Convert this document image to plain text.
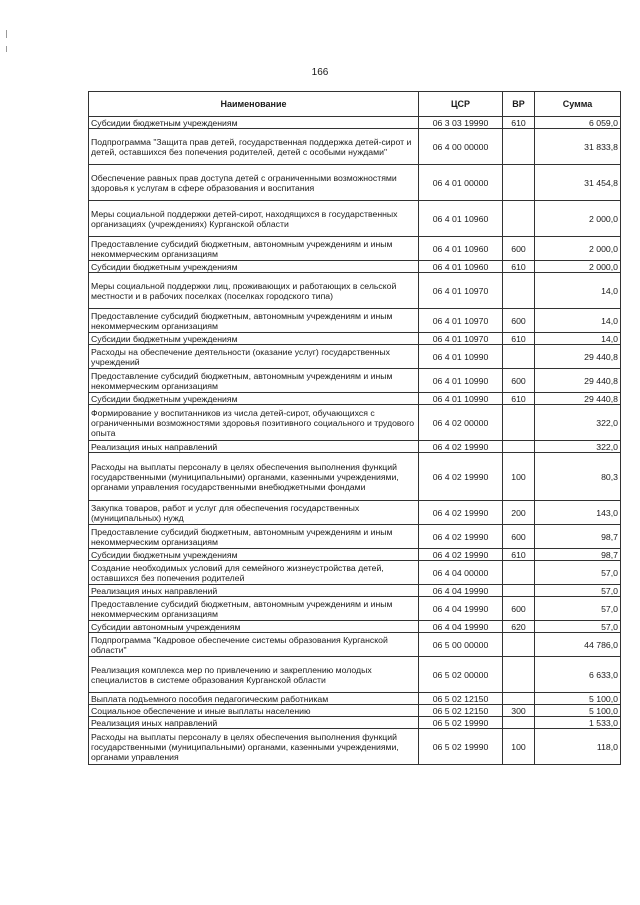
166
Наименование	ЦСР	ВР	Сумма
Субсидии бюджетным учреждениям	06 3 03 19990	610	6 059,0
Подпрограмма "Защита прав детей, государственная поддержка детей-сирот и детей, оставшихся без попечения родителей, детей с особыми нуждами"	06 4 00 00000		31 833,8
Обеспечение равных прав доступа детей с ограниченными возможностями здоровья к услугам в сфере образования и воспитания	06 4 01 00000		31 454,8
Меры социальной поддержки детей-сирот, находящихся в государственных организациях (учреждениях) Курганской области	06 4 01 10960		2 000,0
Предоставление субсидий бюджетным, автономным учреждениям и иным некоммерческим организациям	06 4 01 10960	600	2 000,0
Субсидии бюджетным учреждениям	06 4 01 10960	610	2 000,0
Меры социальной поддержки лиц, проживающих и работающих в сельской местности и в рабочих поселках (поселках городского типа)	06 4 01 10970		14,0
Предоставление субсидий бюджетным, автономным учреждениям и иным некоммерческим организациям	06 4 01 10970	600	14,0
Субсидии бюджетным учреждениям	06 4 01 10970	610	14,0
Расходы на обеспечение деятельности (оказание услуг) государственных учреждений	06 4 01 10990		29 440,8
Предоставление субсидий бюджетным, автономным учреждениям и иным некоммерческим организациям	06 4 01 10990	600	29 440,8
Субсидии бюджетным учреждениям	06 4 01 10990	610	29 440,8
Формирование у воспитанников из числа детей-сирот, обучающихся с ограниченными возможностями здоровья позитивного социального и трудового опыта	06 4 02 00000		322,0
Реализация иных направлений	06 4 02 19990		322,0
Расходы на выплаты персоналу в целях обеспечения выполнения функций государственными (муниципальными) органами, казенными учреждениями, органами управления государственными внебюджетными фондами	06 4 02 19990	100	80,3
Закупка товаров, работ и услуг для обеспечения государственных (муниципальных) нужд	06 4 02 19990	200	143,0
Предоставление субсидий бюджетным, автономным учреждениям и иным некоммерческим организациям	06 4 02 19990	600	98,7
Субсидии бюджетным учреждениям	06 4 02 19990	610	98,7
Создание необходимых условий для семейного жизнеустройства детей, оставшихся без попечения родителей	06 4 04 00000		57,0
Реализация иных направлений	06 4 04 19990		57,0
Предоставление субсидий бюджетным, автономным учреждениям и иным некоммерческим организациям	06 4 04 19990	600	57,0
Субсидии автономным учреждениям	06 4 04 19990	620	57,0
Подпрограмма "Кадровое обеспечение системы образования Курганской области"	06 5 00 00000		44 786,0
Реализация комплекса мер по привлечению и закреплению молодых специалистов в системе образования Курганской области	06 5 02 00000		6 633,0
Выплата подъемного пособия педагогическим работникам	06 5 02 12150		5 100,0
Социальное обеспечение и иные выплаты населению	06 5 02 12150	300	5 100,0
Реализация иных направлений	06 5 02 19990		1 533,0
Расходы на выплаты персоналу в целях обеспечения выполнения функций государственными (муниципальными) органами, казенными учреждениями, органами управления	06 5 02 19990	100	118,0
